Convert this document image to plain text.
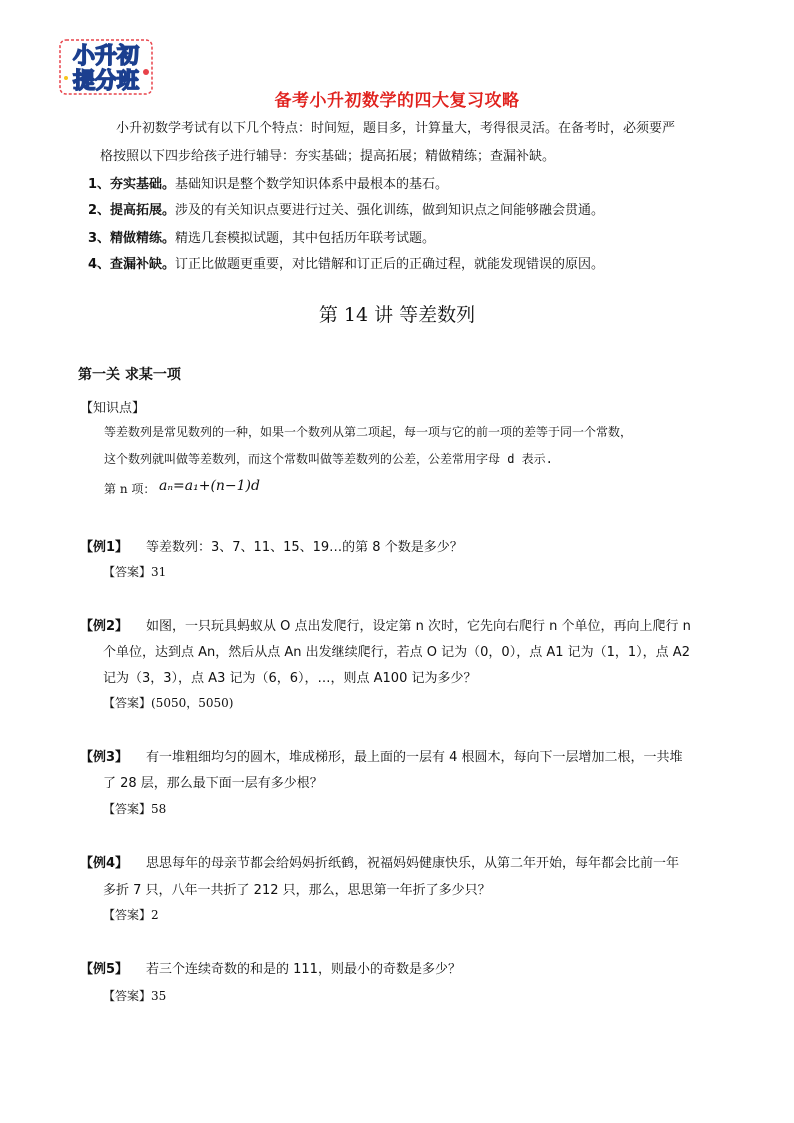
小升初
提分班
备考小升初数学的四大复习攻略
小升初数学考试有以下几个特点：时间短，题目多，计算量大，考得很灵活。在备考时，必须要严
格按照以下四步给孩子进行辅导：夯实基础；提高拓展；精做精练；查漏补缺。
1、夯实基础。基础知识是整个数学知识体系中最根本的基石。
2、提高拓展。涉及的有关知识点要进行过关、强化训练，做到知识点之间能够融会贯通。
3、精做精练。精选几套模拟试题，其中包括历年联考试题。
4、查漏补缺。订正比做题更重要，对比错解和订正后的正确过程，就能发现错误的原因。
第 14 讲 等差数列
第一关 求某一项
【知识点】
等差数列是常见数列的一种，如果一个数列从第二项起，每一项与它的前一项的差等于同一个常数，
这个数列就叫做等差数列，而这个常数叫做等差数列的公差，公差常用字母 d 表示.
第 n 项： aₙ=a₁+(n−1)d
【例1】 等差数列：3、7、11、15、19…的第 8 个数是多少？
【答案】31
【例2】 如图，一只玩具蚂蚁从 O 点出发爬行，设定第 n 次时，它先向右爬行 n 个单位，再向上爬行 n
个单位，达到点 An，然后从点 An 出发继续爬行，若点 O 记为（0，0），点 A1 记为（1，1），点 A2
记为（3，3），点 A3 记为（6，6），…，则点 A100 记为多少？
【答案】(5050，5050)
【例3】 有一堆粗细均匀的圆木，堆成梯形，最上面的一层有 4 根圆木，每向下一层增加二根，一共堆
了 28 层，那么最下面一层有多少根？
【答案】58
【例4】 思思每年的母亲节都会给妈妈折纸鹤，祝福妈妈健康快乐，从第二年开始，每年都会比前一年
多折 7 只，八年一共折了 212 只，那么，思思第一年折了多少只？
【答案】2
【例5】 若三个连续奇数的和是的 111，则最小的奇数是多少？
【答案】35
